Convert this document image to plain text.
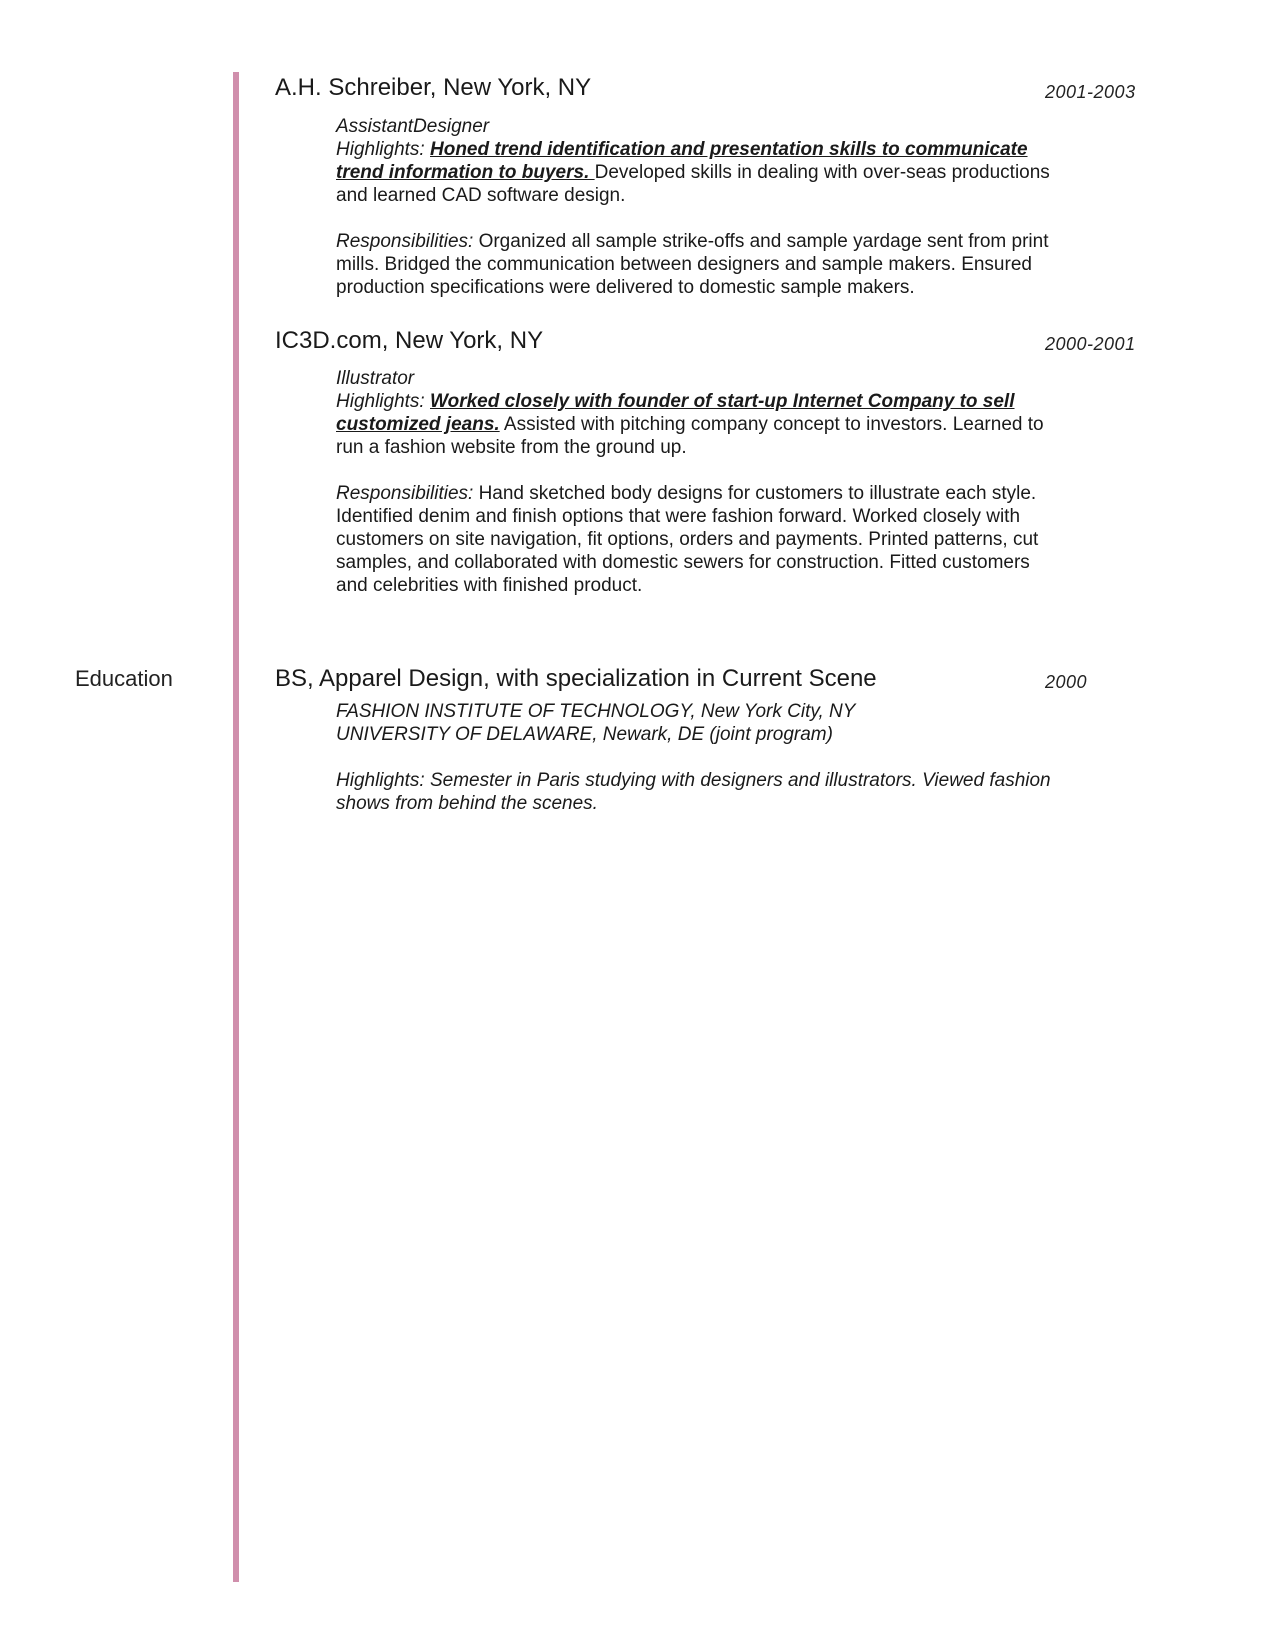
A.H. Schreiber, New York, NY	2001-2003

AssistantDesigner

Highlights: Honed trend identification and presentation skills to communicate trend information to buyers. Developed skills in dealing with over-seas productions and learned CAD software design.

Responsibilities: Organized all sample strike-offs and sample yardage sent from print mills. Bridged the communication between designers and sample makers. Ensured production specifications were delivered to domestic sample makers.

IC3D.com, New York, NY	2000-2001

Illustrator

Highlights: Worked closely with founder of start-up Internet Company to sell customized jeans. Assisted with pitching company concept to investors. Learned to run a fashion website from the ground up.

Responsibilities: Hand sketched body designs for customers to illustrate each style. Identified denim and finish options that were fashion forward. Worked closely with customers on site navigation, fit options, orders and payments. Printed patterns, cut samples, and collaborated with domestic sewers for construction. Fitted customers and celebrities with finished product.

Education	BS, Apparel Design, with specialization in Current Scene	2000

FASHION INSTITUTE OF TECHNOLOGY, New York City, NY

UNIVERSITY OF DELAWARE, Newark, DE (joint program)

Highlights: Semester in Paris studying with designers and illustrators. Viewed fashion shows from behind the scenes.
